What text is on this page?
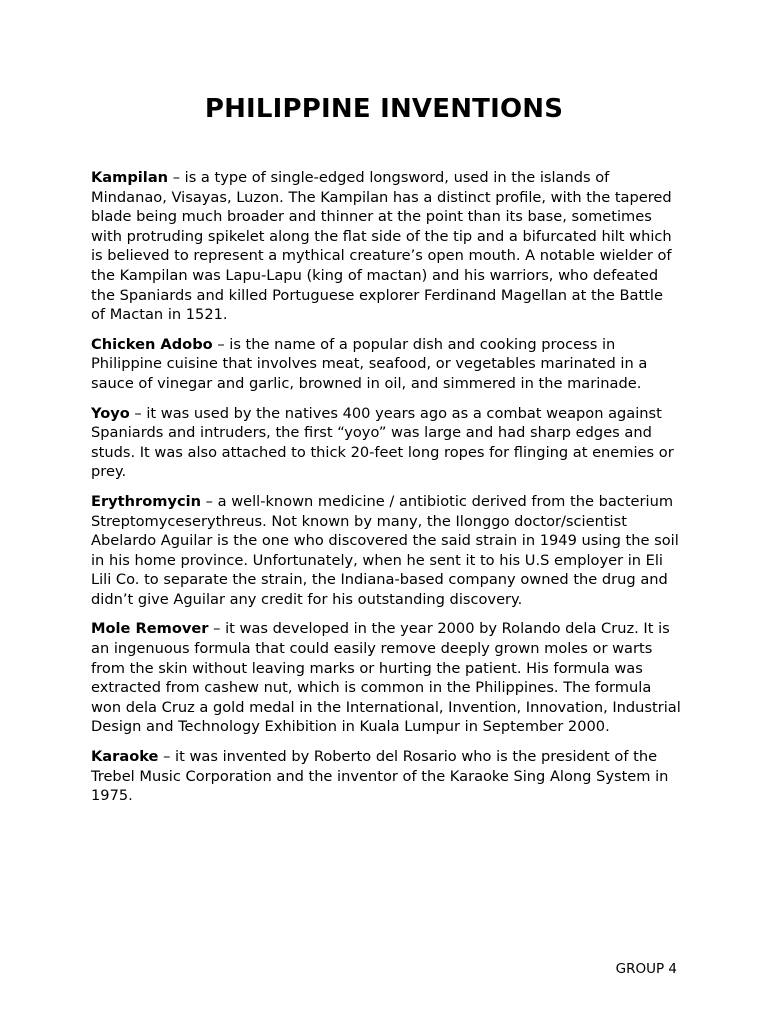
PHILIPPINE INVENTIONS

Kampilan – is a type of single-edged longsword, used in the islands of Mindanao, Visayas, Luzon. The Kampilan has a distinct profile, with the tapered blade being much broader and thinner at the point than its base, sometimes with protruding spikelet along the flat side of the tip and a bifurcated hilt which is believed to represent a mythical creature’s open mouth. A notable wielder of the Kampilan was Lapu-Lapu (king of mactan) and his warriors, who defeated the Spaniards and killed Portuguese explorer Ferdinand Magellan at the Battle of Mactan in 1521.

Chicken Adobo – is the name of a popular dish and cooking process in Philippine cuisine that involves meat, seafood, or vegetables marinated in a sauce of vinegar and garlic, browned in oil, and simmered in the marinade.

Yoyo – it was used by the natives 400 years ago as a combat weapon against Spaniards and intruders, the first “yoyo” was large and had sharp edges and studs. It was also attached to thick 20-feet long ropes for flinging at enemies or prey.

Erythromycin – a well-known medicine / antibiotic derived from the bacterium Streptomyceserythreus. Not known by many, the Ilonggo doctor/scientist Abelardo Aguilar is the one who discovered the said strain in 1949 using the soil in his home province. Unfortunately, when he sent it to his U.S employer in Eli Lili Co. to separate the strain, the Indiana-based company owned the drug and didn’t give Aguilar any credit for his outstanding discovery.

Mole Remover – it was developed in the year 2000 by Rolando dela Cruz. It is an ingenuous formula that could easily remove deeply grown moles or warts from the skin without leaving marks or hurting the patient. His formula was extracted from cashew nut, which is common in the Philippines. The formula won dela Cruz a gold medal in the International, Invention, Innovation, Industrial Design and Technology Exhibition in Kuala Lumpur in September 2000.

Karaoke – it was invented by Roberto del Rosario who is the president of the Trebel Music Corporation and the inventor of the Karaoke Sing Along System in 1975.

GROUP 4
